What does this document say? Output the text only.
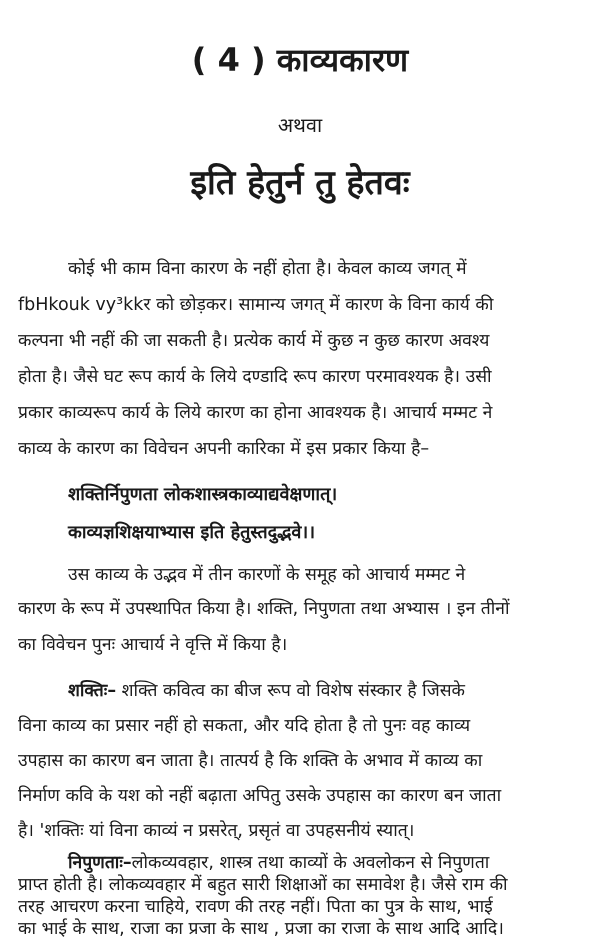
( 4 ) काव्यकारण
अथवा
इति हेतुर्न तु हेतवः

कोई भी काम विना कारण के नहीं होता है। केवल काव्य जगत् में

fbHkouk vy³kkर को छोड़कर। सामान्य जगत् में कारण के विना कार्य की

कल्पना भी नहीं की जा सकती है। प्रत्येक कार्य में कुछ न कुछ कारण अवश्य

होता है। जैसे घट रूप कार्य के लिये दण्डादि रूप कारण परमावश्यक है। उसी

प्रकार काव्यरूप कार्य के लिये कारण का होना आवश्यक है। आचार्य मम्मट ने

काव्य के कारण का विवेचन अपनी कारिका में इस प्रकार किया है–

शक्तिर्निपुणता लोकशास्त्रकाव्याद्यवेक्षणात्।

काव्यज्ञशिक्षयाभ्यास इति हेतुस्तदुद्भवे।।

उस काव्य के उद्भव में तीन कारणों के समूह को आचार्य मम्मट ने

कारण के रूप में उपस्थापित किया है। शक्ति, निपुणता तथा अभ्यास । इन तीनों

का विवेचन पुनः आचार्य ने वृत्ति में किया है।

शक्तिः– शक्ति कवित्व का बीज रूप वो विशेष संस्कार है जिसके

विना काव्य का प्रसार नहीं हो सकता, और यदि होता है तो पुनः वह काव्य

उपहास का कारण बन जाता है। तात्पर्य है कि शक्ति के अभाव में काव्य का

निर्माण कवि के यश को नहीं बढ़ाता अपितु उसके उपहास का कारण बन जाता

है। 'शक्तिः यां विना काव्यं न प्रसरेत्, प्रसृतं वा उपहसनीयं स्यात्।

निपुणताः–लोकव्यवहार, शास्त्र तथा काव्यों के अवलोकन से निपुणता

प्राप्त होती है। लोकव्यवहार में बहुत सारी शिक्षाओं का समावेश है। जैसे राम की

तरह आचरण करना चाहिये, रावण की तरह नहीं। पिता का पुत्र के साथ, भाई

का भाई के साथ, राजा का प्रजा के साथ , प्रजा का राजा के साथ आदि आदि।
